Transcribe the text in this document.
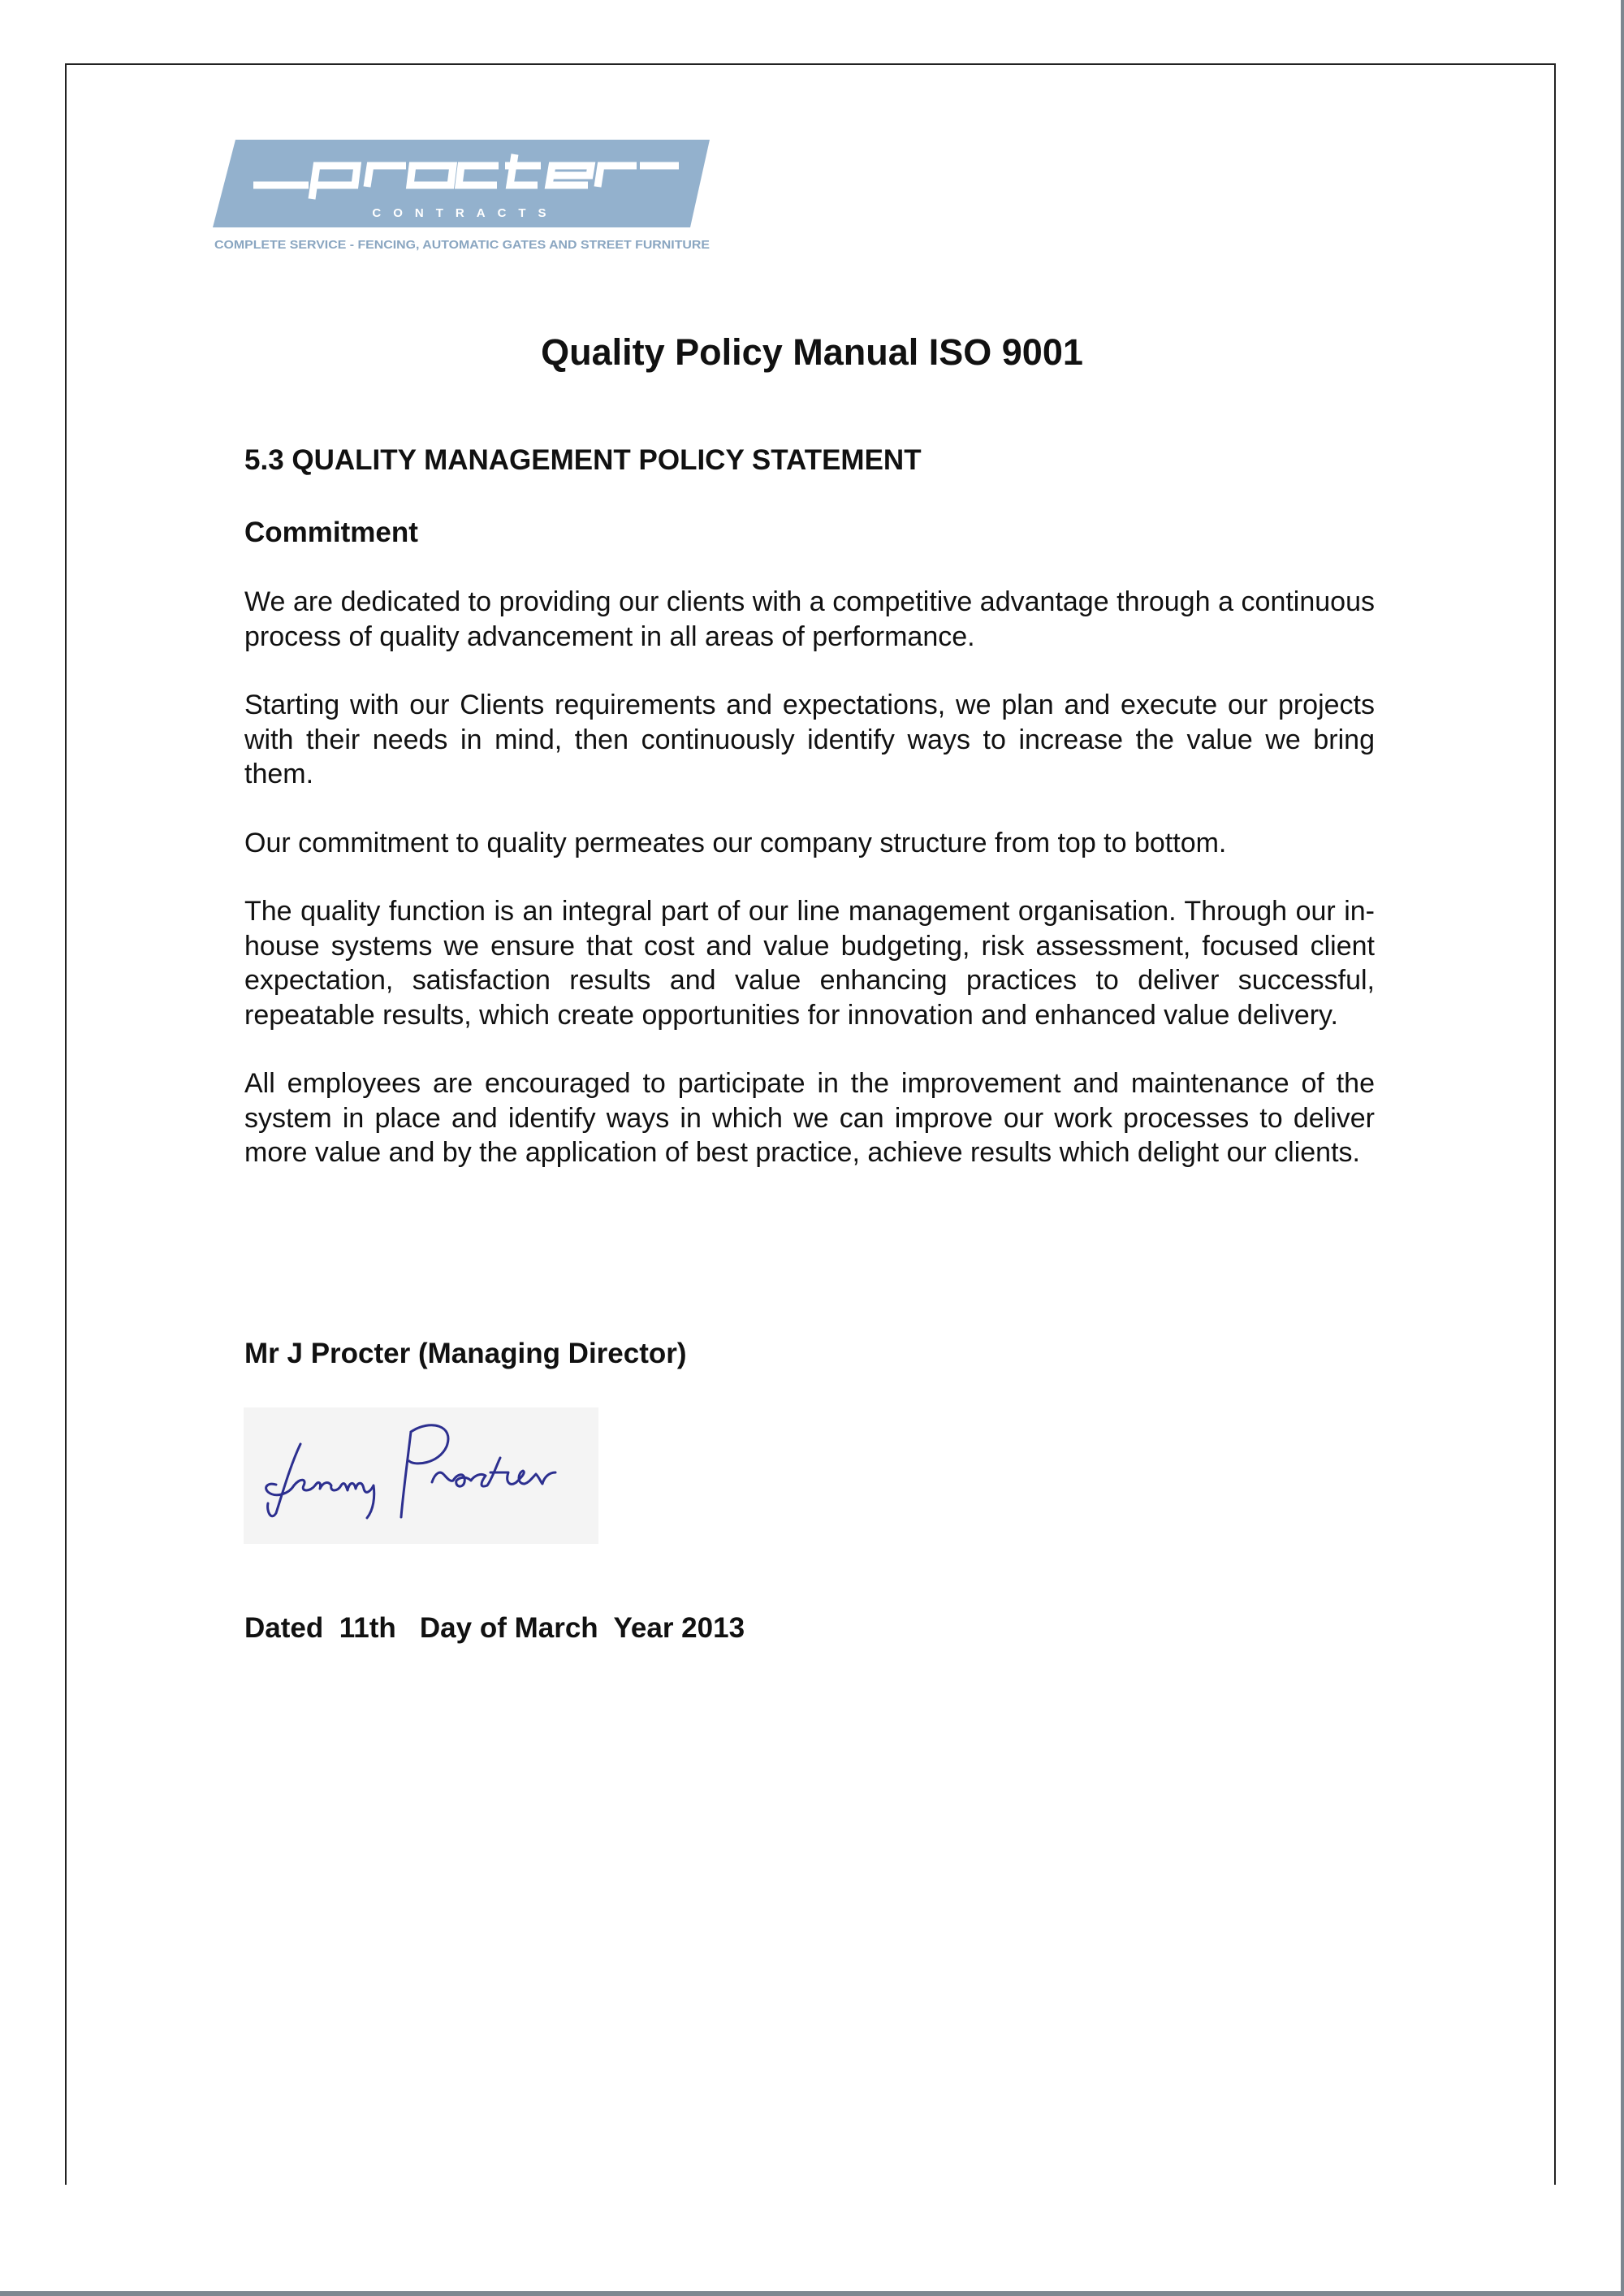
CONTRACTS
COMPLETE SERVICE - FENCING, AUTOMATIC GATES AND STREET FURNITURE
Quality Policy Manual ISO 9001
5.3 QUALITY MANAGEMENT POLICY STATEMENT
Commitment

We are dedicated to providing our clients with a competitive advantage through a continuous process of quality advancement in all areas of performance.

Starting with our Clients requirements and expectations, we plan and execute our projects with their needs in mind, then continuously identify ways to increase the value we bring them.

Our commitment to quality permeates our company structure from top to bottom.

The quality function is an integral part of our line management organisation. Through our in-house systems we ensure that cost and value budgeting, risk assessment, focused client expectation, satisfaction results and value enhancing practices to deliver successful, repeatable results, which create opportunities for innovation and enhanced value delivery.

All employees are encouraged to participate in the improvement and maintenance of the system in place and identify ways in which we can improve our work processes to deliver more value and by the application of best practice, achieve results which delight our clients.

Mr J Procter (Managing Director)
Dated  11th   Day of March  Year 2013
